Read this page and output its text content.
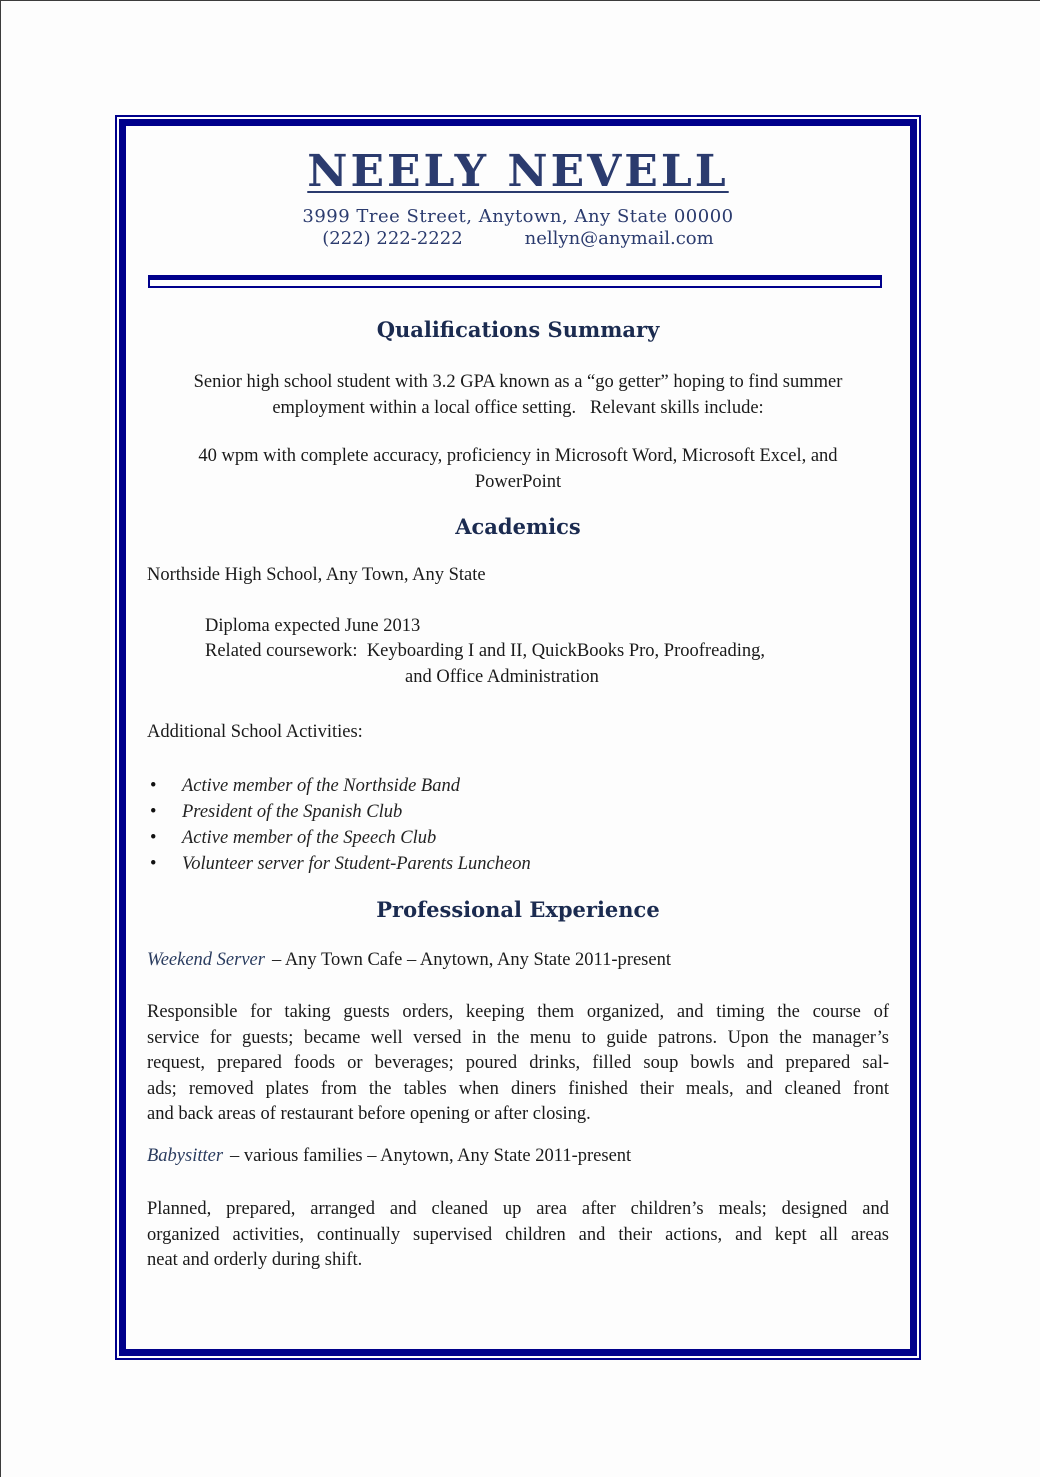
NEELY NEVELL
3999 Tree Street, Anytown, Any State 00000
(222) 222-2222	nellyn@anymail.com
Qualifications Summary
Senior high school student with 3.2 GPA known as a “go getter” hoping to find summer
employment within a local office setting.   Relevant skills include:
40 wpm with complete accuracy, proficiency in Microsoft Word, Microsoft Excel, and
PowerPoint
Academics
Northside High School, Any Town, Any State
Diploma expected June 2013
Related coursework:  Keyboarding I and II, QuickBooks Pro, Proofreading,
and Office Administration
Additional School Activities:
• Active member of the Northside Band
• President of the Spanish Club
• Active member of the Speech Club
• Volunteer server for Student-Parents Luncheon
Professional Experience
Weekend Server – Any Town Cafe – Anytown, Any State 2011-present
Responsible for taking guests orders, keeping them organized, and timing the course of
service for guests; became well versed in the menu to guide patrons. Upon the manager’s
request, prepared foods or beverages; poured drinks, filled soup bowls and prepared sal-
ads; removed plates from the tables when diners finished their meals, and cleaned front
and back areas of restaurant before opening or after closing.
Babysitter – various families – Anytown, Any State 2011-present
Planned, prepared, arranged and cleaned up area after children’s meals; designed and
organized activities, continually supervised children and their actions, and kept all areas
neat and orderly during shift.
